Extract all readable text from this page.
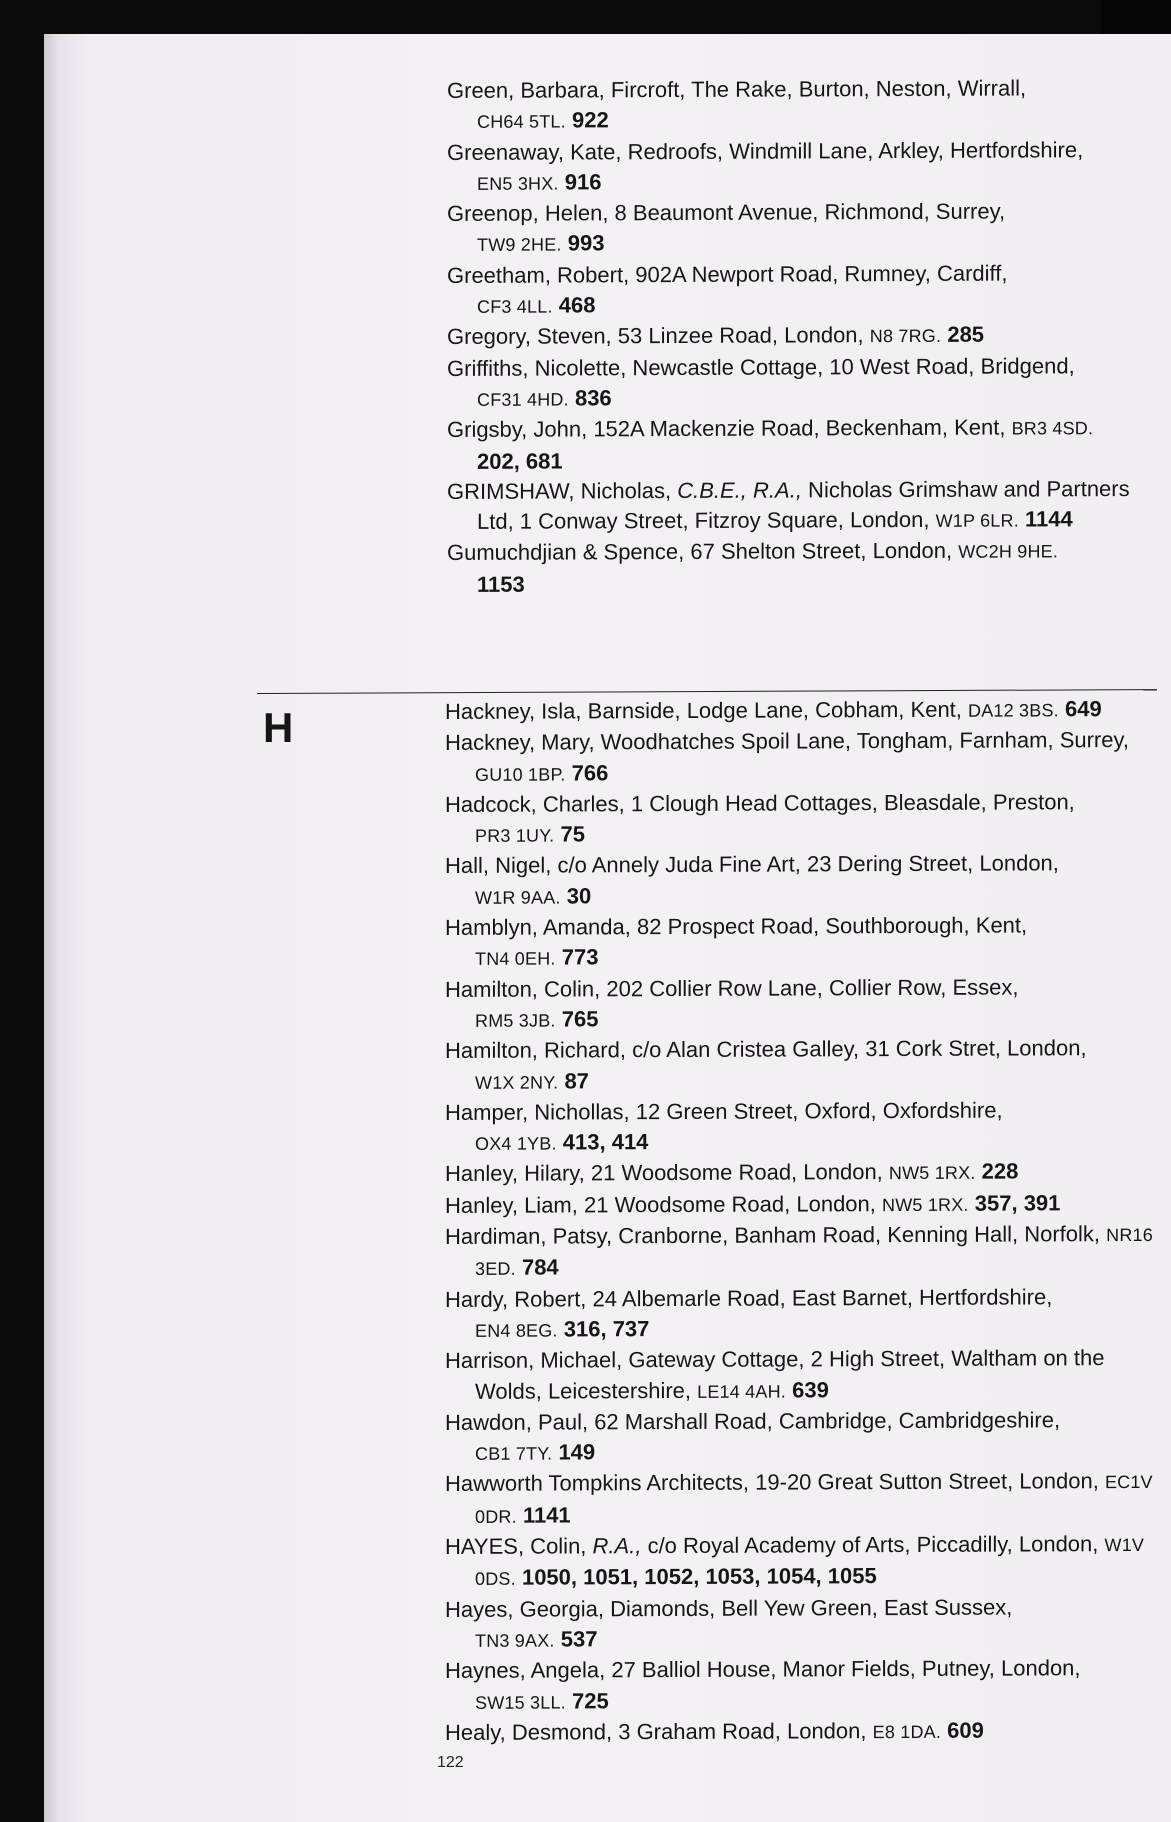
Green, Barbara, Fircroft, The Rake, Burton, Neston, Wirrall,
CH64 5TL. 922
Greenaway, Kate, Redroofs, Windmill Lane, Arkley, Hertfordshire,
EN5 3HX. 916
Greenop, Helen, 8 Beaumont Avenue, Richmond, Surrey,
TW9 2HE. 993
Greetham, Robert, 902A Newport Road, Rumney, Cardiff,
CF3 4LL. 468
Gregory, Steven, 53 Linzee Road, London, N8 7RG. 285
Griffiths, Nicolette, Newcastle Cottage, 10 West Road, Bridgend,
CF31 4HD. 836
Grigsby, John, 152A Mackenzie Road, Beckenham, Kent, BR3 4SD.
202, 681
GRIMSHAW, Nicholas, C.B.E., R.A., Nicholas Grimshaw and Partners Ltd, 1 Conway Street, Fitzroy Square, London, W1P 6LR. 1144
Gumuchdjian & Spence, 67 Shelton Street, London, WC2H 9HE.
1153
H	Hackney, Isla, Barnside, Lodge Lane, Cobham, Kent, DA12 3BS. 649
Hackney, Mary, Woodhatches Spoil Lane, Tongham, Farnham, Surrey, GU10 1BP. 766
Hadcock, Charles, 1 Clough Head Cottages, Bleasdale, Preston,
PR3 1UY. 75
Hall, Nigel, c/o Annely Juda Fine Art, 23 Dering Street, London,
W1R 9AA. 30
Hamblyn, Amanda, 82 Prospect Road, Southborough, Kent,
TN4 0EH. 773
Hamilton, Colin, 202 Collier Row Lane, Collier Row, Essex,
RM5 3JB. 765
Hamilton, Richard, c/o Alan Cristea Galley, 31 Cork Stret, London, W1X 2NY. 87
Hamper, Nichollas, 12 Green Street, Oxford, Oxfordshire,
OX4 1YB. 413, 414
Hanley, Hilary, 21 Woodsome Road, London, NW5 1RX. 228
Hanley, Liam, 21 Woodsome Road, London, NW5 1RX. 357, 391
Hardiman, Patsy, Cranborne, Banham Road, Kenning Hall, Norfolk, NR16 3ED. 784
Hardy, Robert, 24 Albemarle Road, East Barnet, Hertfordshire,
EN4 8EG. 316, 737
Harrison, Michael, Gateway Cottage, 2 High Street, Waltham on the Wolds, Leicestershire, LE14 4AH. 639
Hawdon, Paul, 62 Marshall Road, Cambridge, Cambridgeshire,
CB1 7TY. 149
Hawworth Tompkins Architects, 19-20 Great Sutton Street, London, EC1V 0DR. 1141
HAYES, Colin, R.A., c/o Royal Academy of Arts, Piccadilly, London, W1V 0DS. 1050, 1051, 1052, 1053, 1054, 1055
Hayes, Georgia, Diamonds, Bell Yew Green, East Sussex,
TN3 9AX. 537
Haynes, Angela, 27 Balliol House, Manor Fields, Putney, London, SW15 3LL. 725
Healy, Desmond, 3 Graham Road, London, E8 1DA. 609
122
